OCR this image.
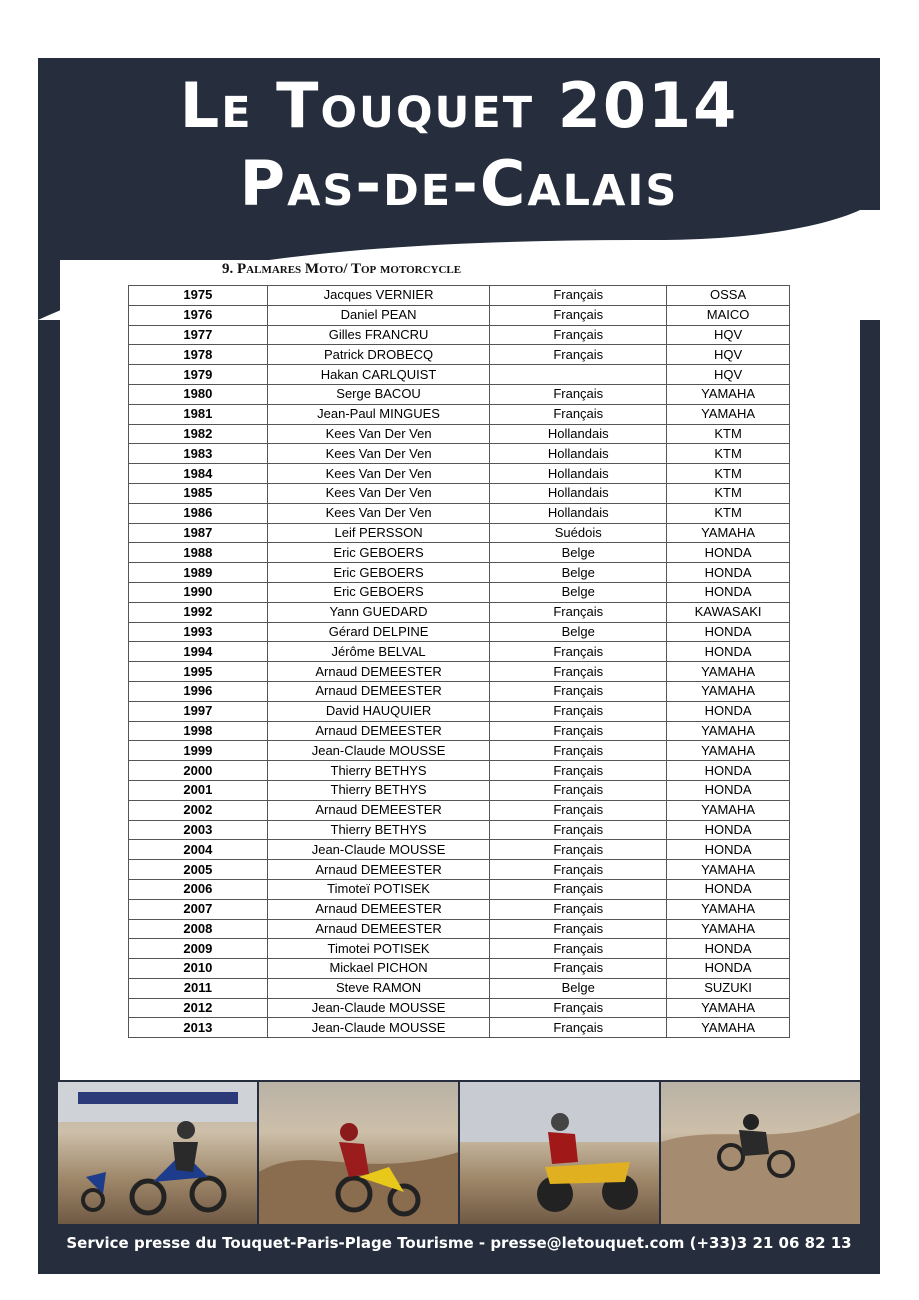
Le Touquet 2014
Pas-de-Calais
9. Palmares Moto/ Top motorcycle
1975	Jacques VERNIER	Français	OSSA
1976	Daniel PEAN	Français	MAICO
1977	Gilles FRANCRU	Français	HQV
1978	Patrick DROBECQ	Français	HQV
1979	Hakan CARLQUIST		HQV
1980	Serge BACOU	Français	YAMAHA
1981	Jean-Paul MINGUES	Français	YAMAHA
1982	Kees Van Der Ven	Hollandais	KTM
1983	Kees Van Der Ven	Hollandais	KTM
1984	Kees Van Der Ven	Hollandais	KTM
1985	Kees Van Der Ven	Hollandais	KTM
1986	Kees Van Der Ven	Hollandais	KTM
1987	Leif PERSSON	Suédois	YAMAHA
1988	Eric GEBOERS	Belge	HONDA
1989	Eric GEBOERS	Belge	HONDA
1990	Eric GEBOERS	Belge	HONDA
1992	Yann GUEDARD	Français	KAWASAKI
1993	Gérard DELPINE	Belge	HONDA
1994	Jérôme BELVAL	Français	HONDA
1995	Arnaud DEMEESTER	Français	YAMAHA
1996	Arnaud DEMEESTER	Français	YAMAHA
1997	David HAUQUIER	Français	HONDA
1998	Arnaud DEMEESTER	Français	YAMAHA
1999	Jean-Claude MOUSSE	Français	YAMAHA
2000	Thierry BETHYS	Français	HONDA
2001	Thierry BETHYS	Français	HONDA
2002	Arnaud DEMEESTER	Français	YAMAHA
2003	Thierry BETHYS	Français	HONDA
2004	Jean-Claude MOUSSE	Français	HONDA
2005	Arnaud DEMEESTER	Français	YAMAHA
2006	Timoteï POTISEK	Français	HONDA
2007	Arnaud DEMEESTER	Français	YAMAHA
2008	Arnaud DEMEESTER	Français	YAMAHA
2009	Timotei POTISEK	Français	HONDA
2010	Mickael PICHON	Français	HONDA
2011	Steve RAMON	Belge	SUZUKI
2012	Jean-Claude MOUSSE	Français	YAMAHA
2013	Jean-Claude MOUSSE	Français	YAMAHA
Service presse du Touquet-Paris-Plage Tourisme - presse@letouquet.com (+33)3 21 06 82 13
